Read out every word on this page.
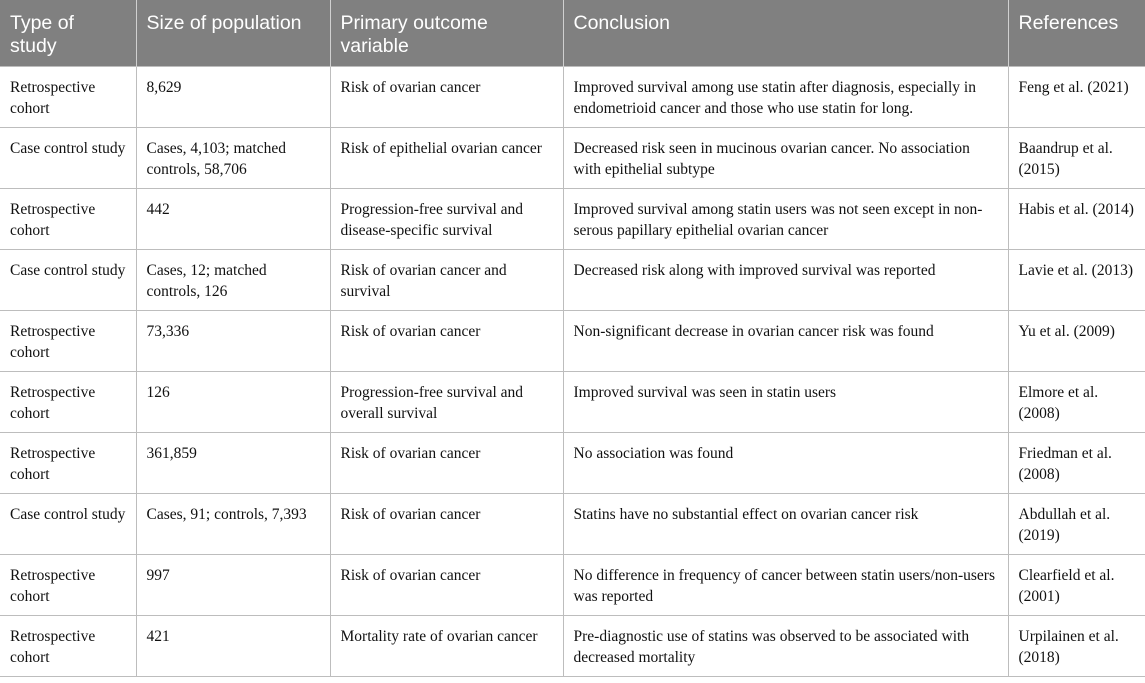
Type of study	Size of population	Primary outcome variable	Conclusion	References
Retrospective cohort	8,629	Risk of ovarian cancer	Improved survival among use statin after diagnosis, especially in endometrioid cancer and those who use statin for long.	Feng et al. (2021)
Case control study	Cases, 4,103; matched controls, 58,706	Risk of epithelial ovarian cancer	Decreased risk seen in mucinous ovarian cancer. No association with epithelial subtype	Baandrup et al. (2015)
Retrospective cohort	442	Progression-free survival and disease-specific survival	Improved survival among statin users was not seen except in non-serous papillary epithelial ovarian cancer	Habis et al. (2014)
Case control study	Cases, 12; matched controls, 126	Risk of ovarian cancer and survival	Decreased risk along with improved survival was reported	Lavie et al. (2013)
Retrospective cohort	73,336	Risk of ovarian cancer	Non-significant decrease in ovarian cancer risk was found	Yu et al. (2009)
Retrospective cohort	126	Progression-free survival and overall survival	Improved survival was seen in statin users	Elmore et al. (2008)
Retrospective cohort	361,859	Risk of ovarian cancer	No association was found	Friedman et al. (2008)
Case control study	Cases, 91; controls, 7,393	Risk of ovarian cancer	Statins have no substantial effect on ovarian cancer risk	Abdullah et al. (2019)
Retrospective cohort	997	Risk of ovarian cancer	No difference in frequency of cancer between statin users/non-users was reported	Clearfield et al. (2001)
Retrospective cohort	421	Mortality rate of ovarian cancer	Pre-diagnostic use of statins was observed to be associated with decreased mortality	Urpilainen et al. (2018)
